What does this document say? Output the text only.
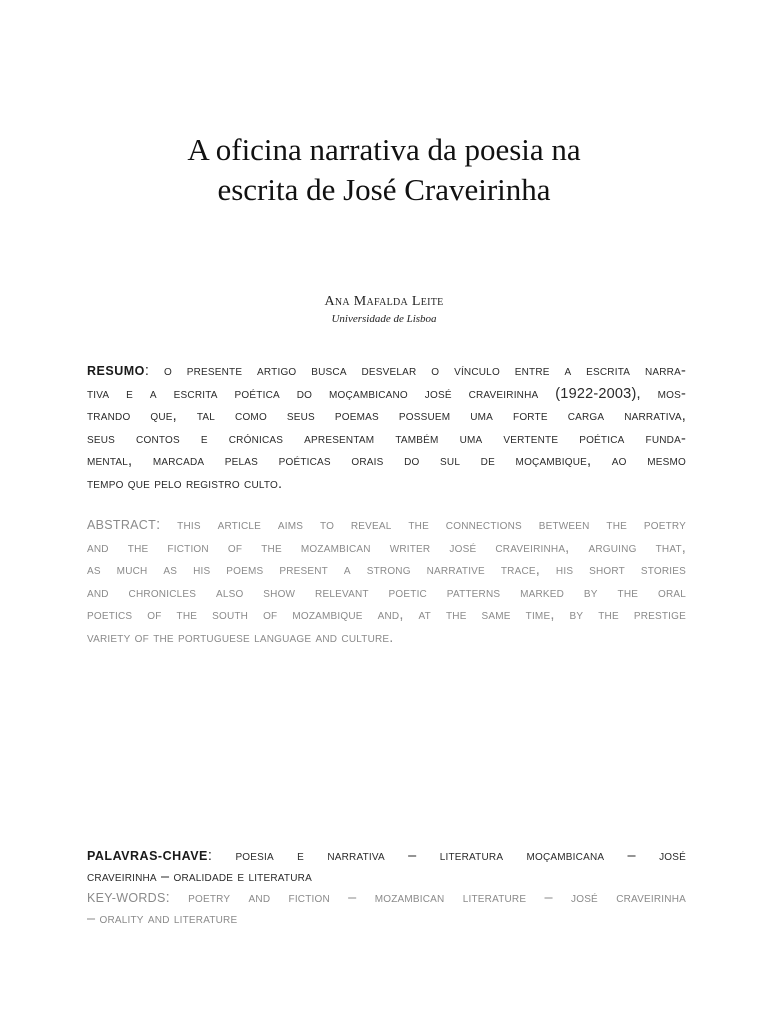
A oficina narrativa da poesia na
escrita de José Craveirinha
Ana Mafalda Leite
Universidade de Lisboa
RESUMO: o presente artigo busca desvelar o vínculo entre a escrita narra-
tiva e a escrita poética do moçambicano josé craveirinha (1922-2003), mos-
trando que, tal como seus poemas possuem uma forte carga narrativa,
seus contos e crónicas apresentam também uma vertente poética funda-
mental, marcada pelas poéticas orais do sul de moçambique, ao mesmo
tempo que pelo registro culto.
ABSTRACT: this article aims to reveal the connections between the poetry
and the fiction of the mozambican writer josé craveirinha, arguing that,
as much as his poems present a strong narrative trace, his short stories
and chronicles also show relevant poetic patterns marked by the oral
poetics of the south of mozambique and, at the same time, by the prestige
variety of the portuguese language and culture.
PALAVRAS-CHAVE: poesia e narrativa – literatura moçambicana – josé
craveirinha – oralidade e literatura
KEY-WORDS: poetry and fiction – mozambican literature – josé craveirinha
– orality and literature
